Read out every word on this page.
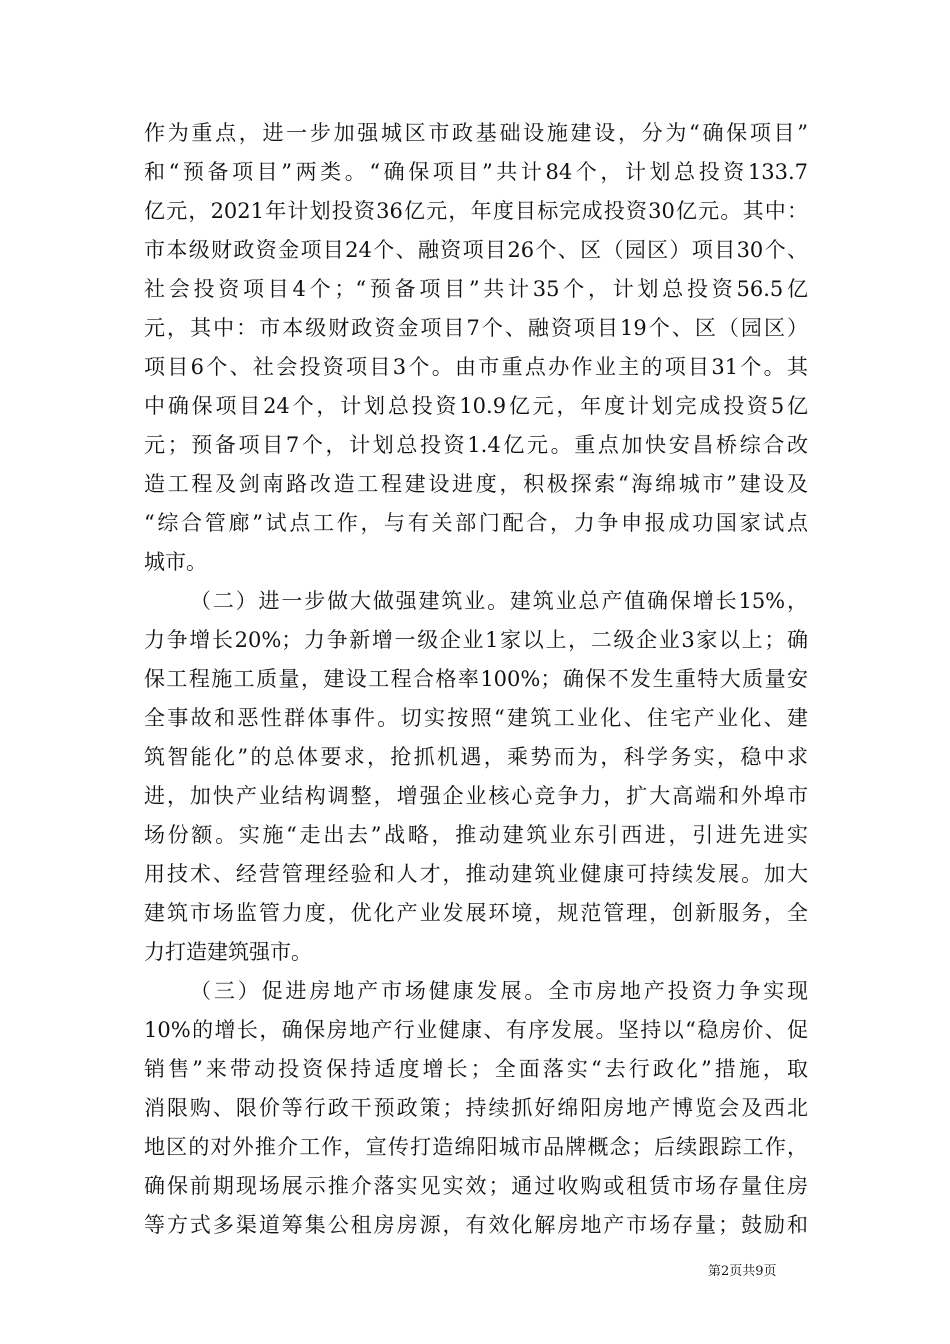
作为重点，进一步加强城区市政基础设施建设，分为“确保项目”
和“预备项目”两类。“确保项目”共计84个，计划总投资133.7
亿元，2021年计划投资36亿元，年度目标完成投资30亿元。其中：
市本级财政资金项目24个、融资项目26个、区（园区）项目30个、
社会投资项目4个；“预备项目”共计35个，计划总投资56.5亿
元，其中：市本级财政资金项目7个、融资项目19个、区（园区）
项目6个、社会投资项目3个。由市重点办作业主的项目31个。其
中确保项目24个，计划总投资10.9亿元，年度计划完成投资5亿
元；预备项目7个，计划总投资1.4亿元。重点加快安昌桥综合改
造工程及剑南路改造工程建设进度，积极探索“海绵城市”建设及
“综合管廊”试点工作，与有关部门配合，力争申报成功国家试点
城市。
（二）进一步做大做强建筑业。建筑业总产值确保增长15%，
力争增长20%；力争新增一级企业1家以上，二级企业3家以上；确
保工程施工质量，建设工程合格率100%；确保不发生重特大质量安
全事故和恶性群体事件。切实按照“建筑工业化、住宅产业化、建
筑智能化”的总体要求，抢抓机遇，乘势而为，科学务实，稳中求
进，加快产业结构调整，增强企业核心竞争力，扩大高端和外埠市
场份额。实施“走出去”战略，推动建筑业东引西进，引进先进实
用技术、经营管理经验和人才，推动建筑业健康可持续发展。加大
建筑市场监管力度，优化产业发展环境，规范管理，创新服务，全
力打造建筑强市。
（三）促进房地产市场健康发展。全市房地产投资力争实现
10%的增长，确保房地产行业健康、有序发展。坚持以“稳房价、促
销售”来带动投资保持适度增长；全面落实“去行政化”措施，取
消限购、限价等行政干预政策；持续抓好绵阳房地产博览会及西北
地区的对外推介工作，宣传打造绵阳城市品牌概念；后续跟踪工作，
确保前期现场展示推介落实见实效；通过收购或租赁市场存量住房
等方式多渠道筹集公租房房源，有效化解房地产市场存量；鼓励和
第2页共9页
